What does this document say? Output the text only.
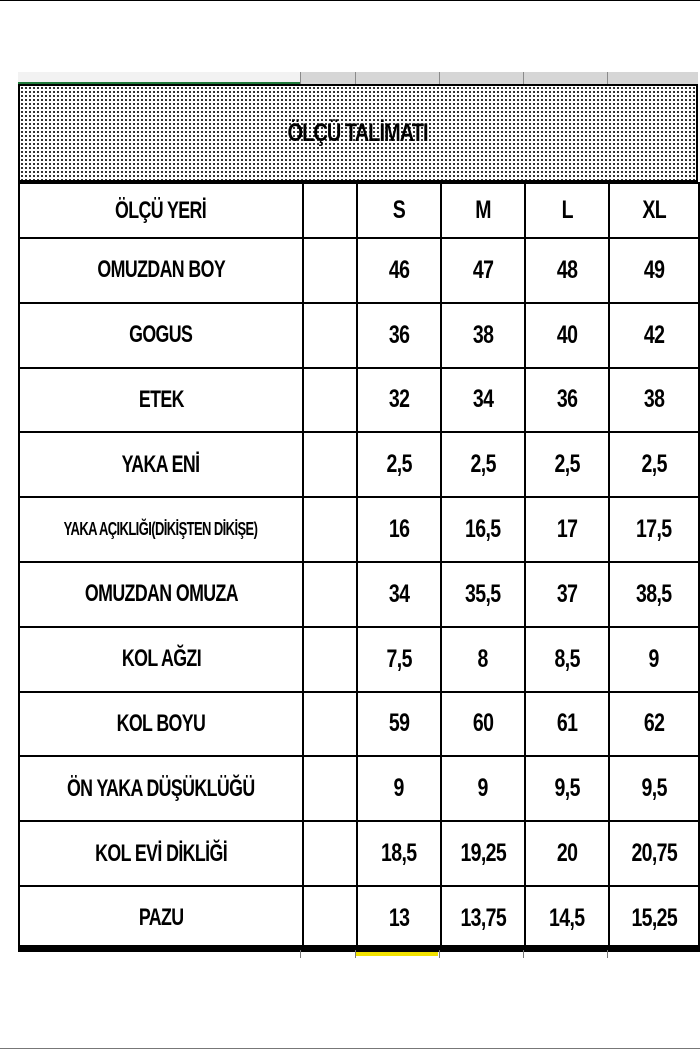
ÖLÇÜ TALİMATI
ÖLÇÜ YERİ		S	M	L	XL
OMUZDAN BOY		46	47	48	49
GOGUS		36	38	40	42
ETEK		32	34	36	38
YAKA ENİ		2,5	2,5	2,5	2,5
YAKA AÇIKLIĞI(DİKİŞTEN DİKİŞE)		16	16,5	17	17,5
OMUZDAN OMUZA		34	35,5	37	38,5
KOL AĞZI		7,5	8	8,5	9
KOL BOYU		59	60	61	62
ÖN YAKA DÜŞÜKLÜĞÜ		9	9	9,5	9,5
KOL EVİ DİKLİĞİ		18,5	19,25	20	20,75
PAZU		13	13,75	14,5	15,25
